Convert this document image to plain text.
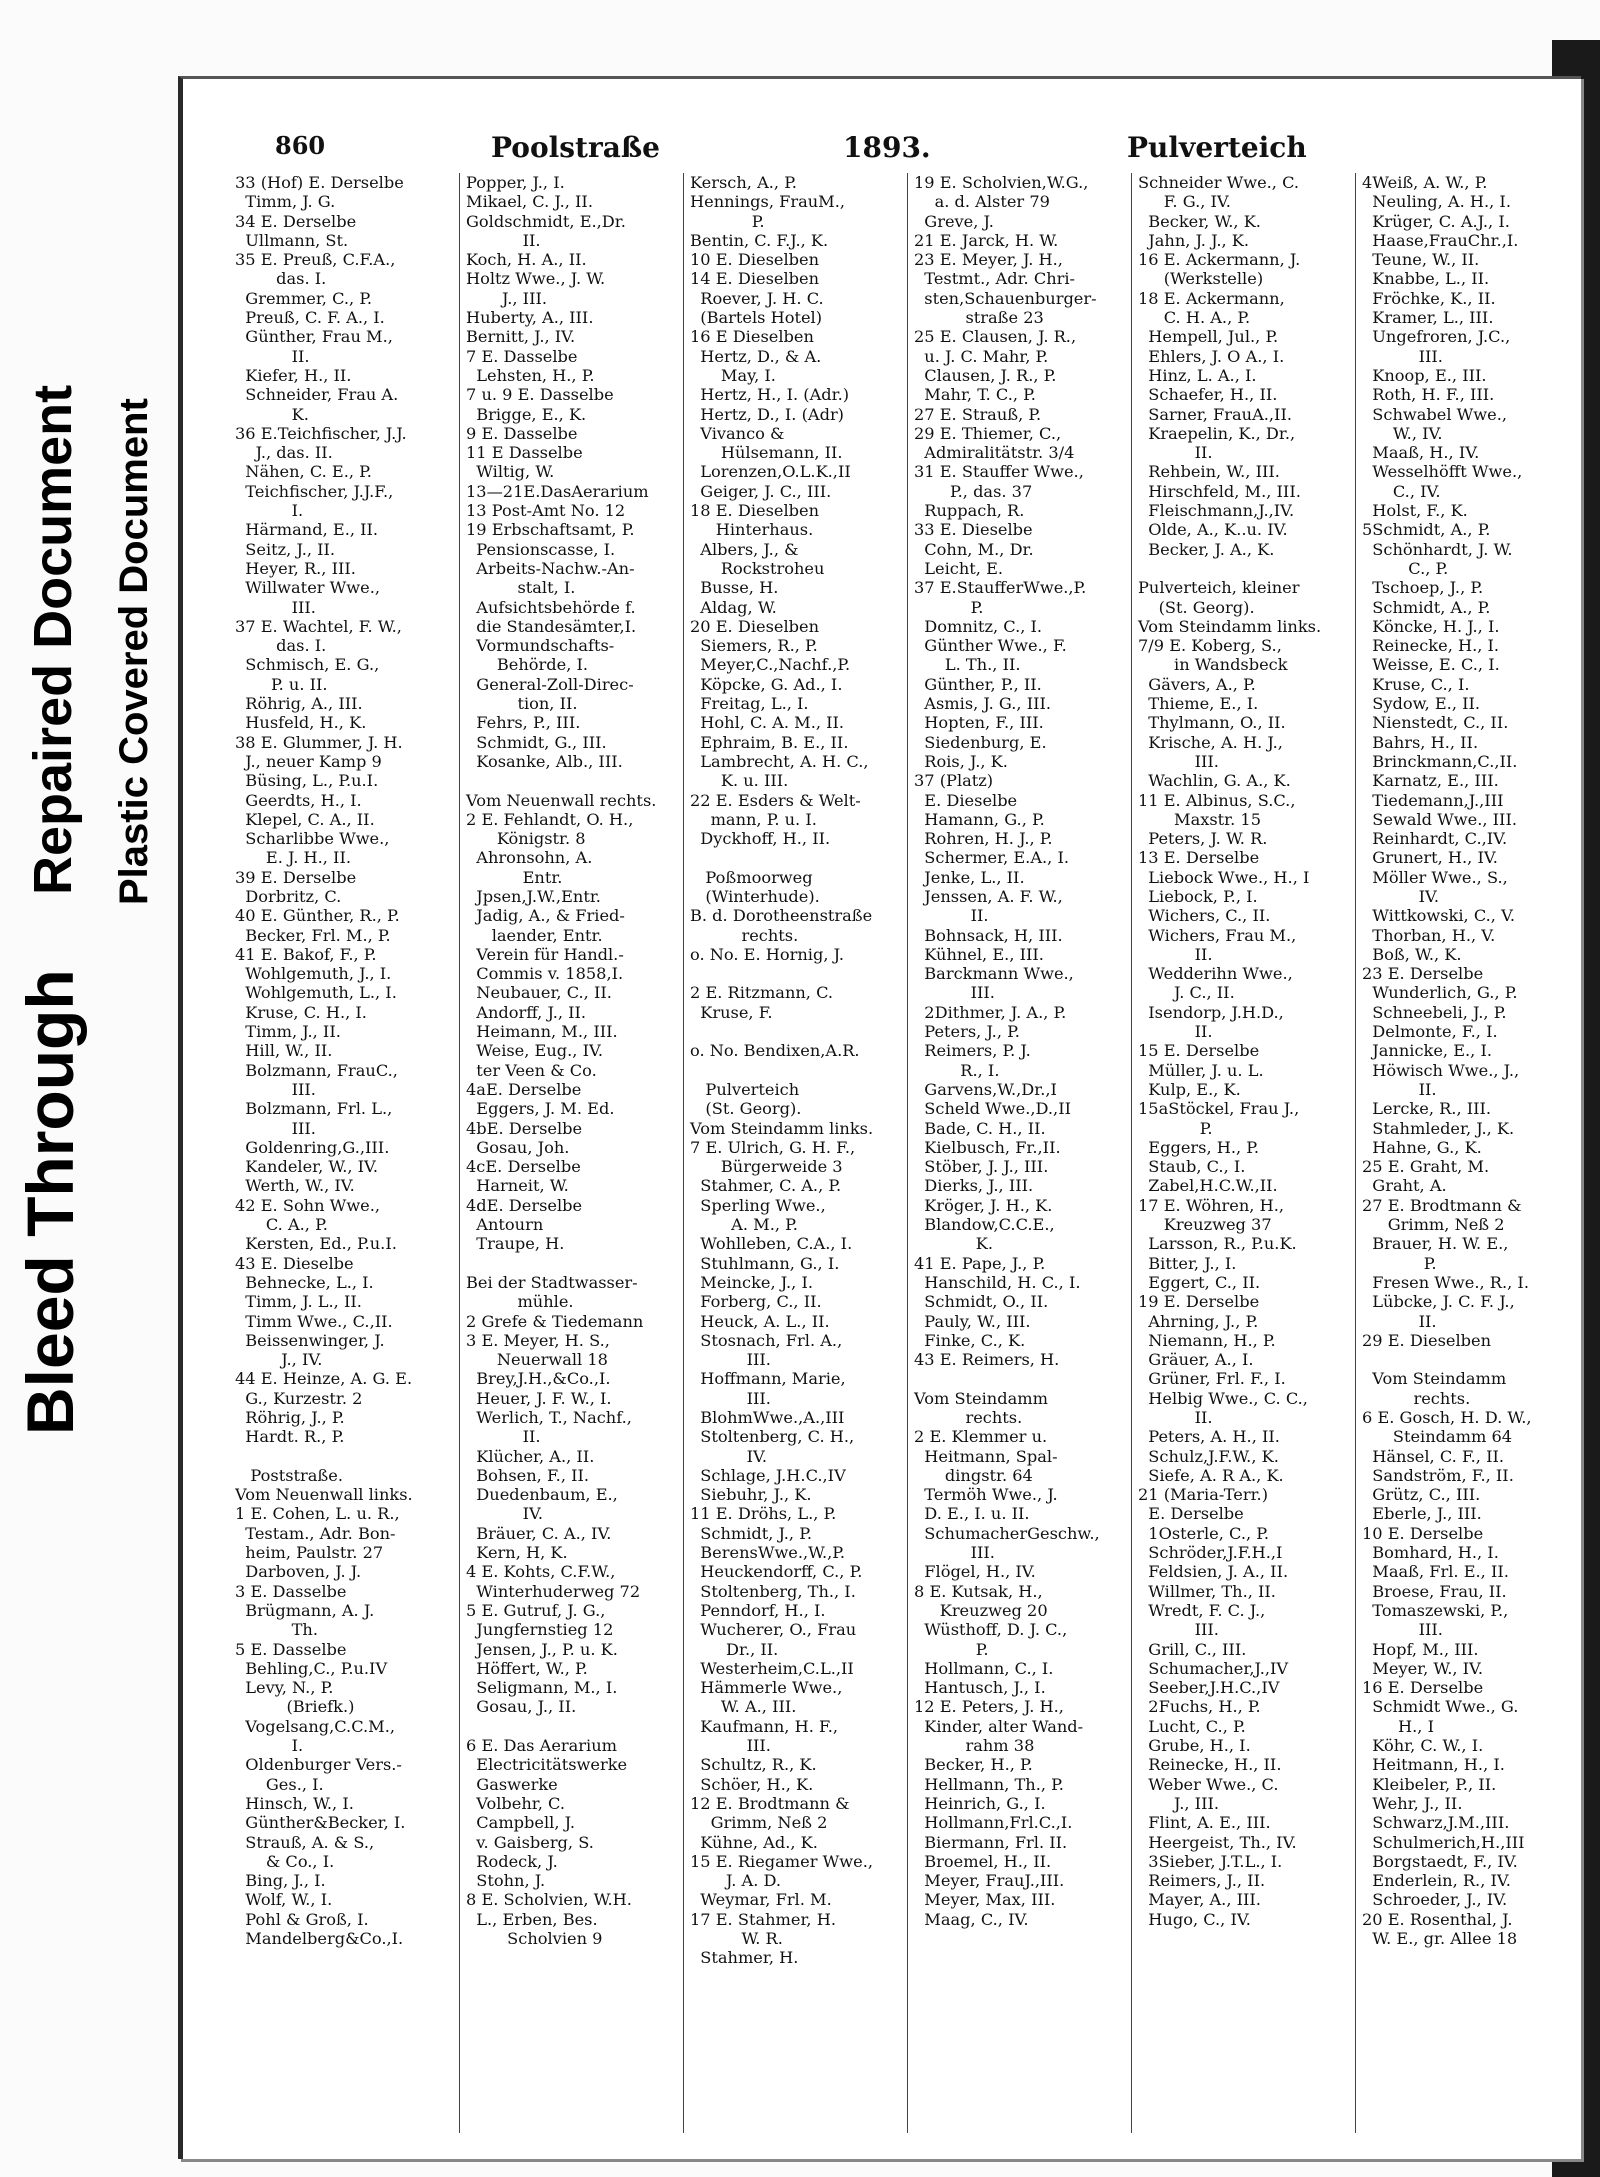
Bleed Through
Repaired Document Plastic Covered Document
860	Poolstraße	1893.	Pulverteich
33 (Hof) E. Derselbe
Timm, J. G.
34 E. Derselbe
Ullmann, St.
35 E. Preuß, C.F.A.,
das. I.
Gremmer, C., P.
Preuß, C. F. A., I.
Günther, Frau M.,
II.
Kiefer, H., II.
Schneider, Frau A.
K.
36 E.Teichfischer, J.J.
J., das. II.
Nähen, C. E., P.
Teichfischer, J.J.F.,
I.
Härmand, E., II.
Seitz, J., II.
Heyer, R., III.
Willwater Wwe.,
III.
37 E. Wachtel, F. W.,
das. I.
Schmisch, E. G.,
P. u. II.
Röhrig, A., III.
Husfeld, H., K.
38 E. Glummer, J. H.
J., neuer Kamp 9
Büsing, L., P.u.I.
Geerdts, H., I.
Klepel, C. A., II.
Scharlibbe Wwe.,
E. J. H., II.
39 E. Derselbe
Dorbritz, C.
40 E. Günther, R., P.
Becker, Frl. M., P.
41 E. Bakof, F., P.
Wohlgemuth, J., I.
Wohlgemuth, L., I.
Kruse, C. H., I.
Timm, J., II.
Hill, W., II.
Bolzmann, FrauC.,
III.
Bolzmann, Frl. L.,
III.
Goldenring,G.,III.
Kandeler, W., IV.
Werth, W., IV.
42 E. Sohn Wwe.,
C. A., P.
Kersten, Ed., P.u.I.
43 E. Dieselbe
Behnecke, L., I.
Timm, J. L., II.
Timm Wwe., C.,II.
Beissenwinger, J.
J., IV.
44 E. Heinze, A. G. E.
G., Kurzestr. 2
Röhrig, J., P.
Hardt. R., P.

Poststraße.
Vom Neuenwall links.
1 E. Cohen, L. u. R.,
Testam., Adr. Bon-
heim, Paulstr. 27
Darboven, J. J.
3 E. Dasselbe
Brügmann, A. J.
Th.
5 E. Dasselbe
Behling,C., P.u.IV
Levy, N., P.
(Briefk.)
Vogelsang,C.C.M.,
I.
Oldenburger Vers.-
Ges., I.
Hinsch, W., I.
Günther&Becker, I.
Strauß, A. & S.,
& Co., I.
Bing, J., I.
Wolf, W., I.
Pohl & Groß, I.
Mandelberg&Co.,I.
Popper, J., I.
Mikael, C. J., II.
Goldschmidt, E.,Dr.
II.
Koch, H. A., II.
Holtz Wwe., J. W.
J., III.
Huberty, A., III.
Bernitt, J., IV.
7 E. Dasselbe
Lehsten, H., P.
7 u. 9 E. Dasselbe
Brigge, E., K.
9 E. Dasselbe
11 E Dasselbe
Wiltig, W.
13—21E.DasAerarium
13 Post-Amt No. 12
19 Erbschaftsamt, P.
Pensionscasse, I.
Arbeits-Nachw.-An-
stalt, I.
Aufsichtsbehörde f.
die Standesämter,I.
Vormundschafts-
Behörde, I.
General-Zoll-Direc-
tion, II.
Fehrs, P., III.
Schmidt, G., III.
Kosanke, Alb., III.

Vom Neuenwall rechts.
2 E. Fehlandt, O. H.,
Königstr. 8
Ahronsohn, A.
Entr.
Jpsen,J.W.,Entr.
Jadig, A., & Fried-
laender, Entr.
Verein für Handl.-
Commis v. 1858,I.
Neubauer, C., II.
Andorff, J., II.
Heimann, M., III.
Weise, Eug., IV.
ter Veen & Co.
4aE. Derselbe
Eggers, J. M. Ed.
4bE. Derselbe
Gosau, Joh.
4cE. Derselbe
Harneit, W.
4dE. Derselbe
Antourn
Traupe, H.

Bei der Stadtwasser-
mühle.
2 Grefe & Tiedemann
3 E. Meyer, H. S.,
Neuerwall 18
Brey,J.H.,&Co.,I.
Heuer, J. F. W., I.
Werlich, T., Nachf.,
II.
Klücher, A., II.
Bohsen, F., II.
Duedenbaum, E.,
IV.
Bräuer, C. A., IV.
Kern, H, K.
4 E. Kohts, C.F.W.,
Winterhuderweg 72
5 E. Gutruf, J. G.,
Jungfernstieg 12
Jensen, J., P. u. K.
Höffert, W., P.
Seligmann, M., I.
Gosau, J., II.

6 E. Das Aerarium
Electricitätswerke
Gaswerke
Volbehr, C.
Campbell, J.
v. Gaisberg, S.
Rodeck, J.
Stohn, J.
8 E. Scholvien, W.H.
L., Erben, Bes.
Scholvien 9
Kersch, A., P.
Hennings, FrauM.,
P.
Bentin, C. F.J., K.
10 E. Dieselben
14 E. Dieselben
Roever, J. H. C.
(Bartels Hotel)
16 E Dieselben
Hertz, D., & A.
May, I.
Hertz, H., I. (Adr.)
Hertz, D., I. (Adr)
Vivanco &
Hülsemann, II.
Lorenzen,O.L.K.,II
Geiger, J. C., III.
18 E. Dieselben
Hinterhaus.
Albers, J., &
Rockstroheu
Busse, H.
Aldag, W.
20 E. Dieselben
Siemers, R., P.
Meyer,C.,Nachf.,P.
Köpcke, G. Ad., I.
Freitag, L., I.
Hohl, C. A. M., II.
Ephraim, B. E., II.
Lambrecht, A. H. C.,
K. u. III.
22 E. Esders & Welt-
mann, P. u. I.
Dyckhoff, H., II.

Poßmoorweg
(Winterhude).
B. d. Dorotheenstraße
rechts.
o. No. E. Hornig, J.

2 E. Ritzmann, C.
Kruse, F.

o. No. Bendixen,A.R.

Pulverteich
(St. Georg).
Vom Steindamm links.
7 E. Ulrich, G. H. F.,
Bürgerweide 3
Stahmer, C. A., P.
Sperling Wwe.,
A. M., P.
Wohlleben, C.A., I.
Stuhlmann, G., I.
Meincke, J., I.
Forberg, C., II.
Heuck, A. L., II.
Stosnach, Frl. A.,
III.
Hoffmann, Marie,
III.
BlohmWwe.,A.,III
Stoltenberg, C. H.,
IV.
Schlage, J.H.C.,IV
Siebuhr, J., K.
11 E. Dröhs, L., P.
Schmidt, J., P.
BerensWwe.,W.,P.
Heuckendorff, C., P.
Stoltenberg, Th., I.
Penndorf, H., I.
Wucherer, O., Frau
Dr., II.
Westerheim,C.L.,II
Hämmerle Wwe.,
W. A., III.
Kaufmann, H. F.,
III.
Schultz, R., K.
Schöer, H., K.
12 E. Brodtmann &
Grimm, Neß 2
Kühne, Ad., K.
15 E. Riegamer Wwe.,
J. A. D.
Weymar, Frl. M.
17 E. Stahmer, H.
W. R.
Stahmer, H.
19 E. Scholvien,W.G.,
a. d. Alster 79
Greve, J.
21 E. Jarck, H. W.
23 E. Meyer, J. H.,
Testmt., Adr. Chri-
sten,Schauenburger-
straße 23
25 E. Clausen, J. R.,
u. J. C. Mahr, P.
Clausen, J. R., P.
Mahr, T. C., P.
27 E. Strauß, P.
29 E. Thiemer, C.,
Admiralitätstr. 3/4
31 E. Stauffer Wwe.,
P., das. 37
Ruppach, R.
33 E. Dieselbe
Cohn, M., Dr.
Leicht, E.
37 E.StaufferWwe.,P.
P.
Domnitz, C., I.
Günther Wwe., F.
L. Th., II.
Günther, P., II.
Asmis, J. G., III.
Hopten, F., III.
Siedenburg, E.
Rois, J., K.
37 (Platz)
E. Dieselbe
Hamann, G., P.
Rohren, H. J., P.
Schermer, E.A., I.
Jenke, L., II.
Jenssen, A. F. W.,
II.
Bohnsack, H, III.
Kühnel, E., III.
Barckmann Wwe.,
III.
2Dithmer, J. A., P.
Peters, J., P.
Reimers, P. J.
R., I.
Garvens,W.,Dr.,I
Scheld Wwe.,D.,II
Bade, C. H., II.
Kielbusch, Fr.,II.
Stöber, J. J., III.
Dierks, J., III.
Kröger, J. H., K.
Blandow,C.C.E.,
K.
41 E. Pape, J., P.
Hanschild, H. C., I.
Schmidt, O., II.
Pauly, W., III.
Finke, C., K.
43 E. Reimers, H.

Vom Steindamm
rechts.
2 E. Klemmer u.
Heitmann, Spal-
dingstr. 64
Termöh Wwe., J.
D. E., I. u. II.
SchumacherGeschw.,
III.
Flögel, H., IV.
8 E. Kutsak, H.,
Kreuzweg 20
Wüsthoff, D. J. C.,
P.
Hollmann, C., I.
Hantusch, J., I.
12 E. Peters, J. H.,
Kinder, alter Wand-
rahm 38
Becker, H., P.
Hellmann, Th., P.
Heinrich, G., I.
Hollmann,Frl.C.,I.
Biermann, Frl. II.
Broemel, H., II.
Meyer, FrauJ.,III.
Meyer, Max, III.
Maag, C., IV.
Schneider Wwe., C.
F. G., IV.
Becker, W., K.
Jahn, J. J., K.
16 E. Ackermann, J.
(Werkstelle)
18 E. Ackermann,
C. H. A., P.
Hempell, Jul., P.
Ehlers, J. O A., I.
Hinz, L. A., I.
Schaefer, H., II.
Sarner, FrauA.,II.
Kraepelin, K., Dr.,
II.
Rehbein, W., III.
Hirschfeld, M., III.
Fleischmann,J.,IV.
Olde, A., K..u. IV.
Becker, J. A., K.

Pulverteich, kleiner
(St. Georg).
Vom Steindamm links.
7/9 E. Koberg, S.,
in Wandsbeck
Gävers, A., P.
Thieme, E., I.
Thylmann, O., II.
Krische, A. H. J.,
III.
Wachlin, G. A., K.
11 E. Albinus, S.C.,
Maxstr. 15
Peters, J. W. R.
13 E. Derselbe
Liebock Wwe., H., I
Liebock, P., I.
Wichers, C., II.
Wichers, Frau M.,
II.
Wedderihn Wwe.,
J. C., II.
Isendorp, J.H.D.,
II.
15 E. Derselbe
Müller, J. u. L.
Kulp, E., K.
15aStöckel, Frau J.,
P.
Eggers, H., P.
Staub, C., I.
Zabel,H.C.W.,II.
17 E. Wöhren, H.,
Kreuzweg 37
Larsson, R., P.u.K.
Bitter, J., I.
Eggert, C., II.
19 E. Derselbe
Ahrning, J., P.
Niemann, H., P.
Gräuer, A., I.
Grüner, Frl. F., I.
Helbig Wwe., C. C.,
II.
Peters, A. H., II.
Schulz,J.F.W., K.
Siefe, A. R A., K.
21 (Maria-Terr.)
E. Derselbe
1Osterle, C., P.
Schröder,J.F.H.,I
Feldsien, J. A., II.
Willmer, Th., II.
Wredt, F. C. J.,
III.
Grill, C., III.
Schumacher,J.,IV
Seeber,J.H.C.,IV
2Fuchs, H., P.
Lucht, C., P.
Grube, H., I.
Reinecke, H., II.
Weber Wwe., C.
J., III.
Flint, A. E., III.
Heergeist, Th., IV.
3Sieber, J.T.L., I.
Reimers, J., II.
Mayer, A., III.
Hugo, C., IV.
4Weiß, A. W., P.
Neuling, A. H., I.
Krüger, C. A.J., I.
Haase,FrauChr.,I.
Teune, W., II.
Knabbe, L., II.
Fröchke, K., II.
Kramer, L., III.
Ungefroren, J.C.,
III.
Knoop, E., III.
Roth, H. F., III.
Schwabel Wwe.,
W., IV.
Maaß, H., IV.
Wesselhöfft Wwe.,
C., IV.
Holst, F., K.
5Schmidt, A., P.
Schönhardt, J. W.
C., P.
Tschoep, J., P.
Schmidt, A., P.
Köncke, H. J., I.
Reinecke, H., I.
Weisse, E. C., I.
Kruse, C., I.
Sydow, E., II.
Nienstedt, C., II.
Bahrs, H., II.
Brinckmann,C.,II.
Karnatz, E., III.
Tiedemann,J.,III
Sewald Wwe., III.
Reinhardt, C.,IV.
Grunert, H., IV.
Möller Wwe., S.,
IV.
Wittkowski, C., V.
Thorban, H., V.
Boß, W., K.
23 E. Derselbe
Wunderlich, G., P.
Schneebeli, J., P.
Delmonte, F., I.
Jannicke, E., I.
Höwisch Wwe., J.,
II.
Lercke, R., III.
Stahmleder, J., K.
Hahne, G., K.
25 E. Graht, M.
Graht, A.
27 E. Brodtmann &
Grimm, Neß 2
Brauer, H. W. E.,
P.
Fresen Wwe., R., I.
Lübcke, J. C. F. J.,
II.
29 E. Dieselben

Vom Steindamm
rechts.
6 E. Gosch, H. D. W.,
Steindamm 64
Hänsel, C. F., II.
Sandström, F., II.
Grütz, C., III.
Eberle, J., III.
10 E. Derselbe
Bomhard, H., I.
Maaß, Frl. E., II.
Broese, Frau, II.
Tomaszewski, P.,
III.
Hopf, M., III.
Meyer, W., IV.
16 E. Derselbe
Schmidt Wwe., G.
H., I
Köhr, C. W., I.
Heitmann, H., I.
Kleibeler, P., II.
Wehr, J., II.
Schwarz,J.M.,III.
Schulmerich,H.,III
Borgstaedt, F., IV.
Enderlein, R., IV.
Schroeder, J., IV.
20 E. Rosenthal, J.
W. E., gr. Allee 18
